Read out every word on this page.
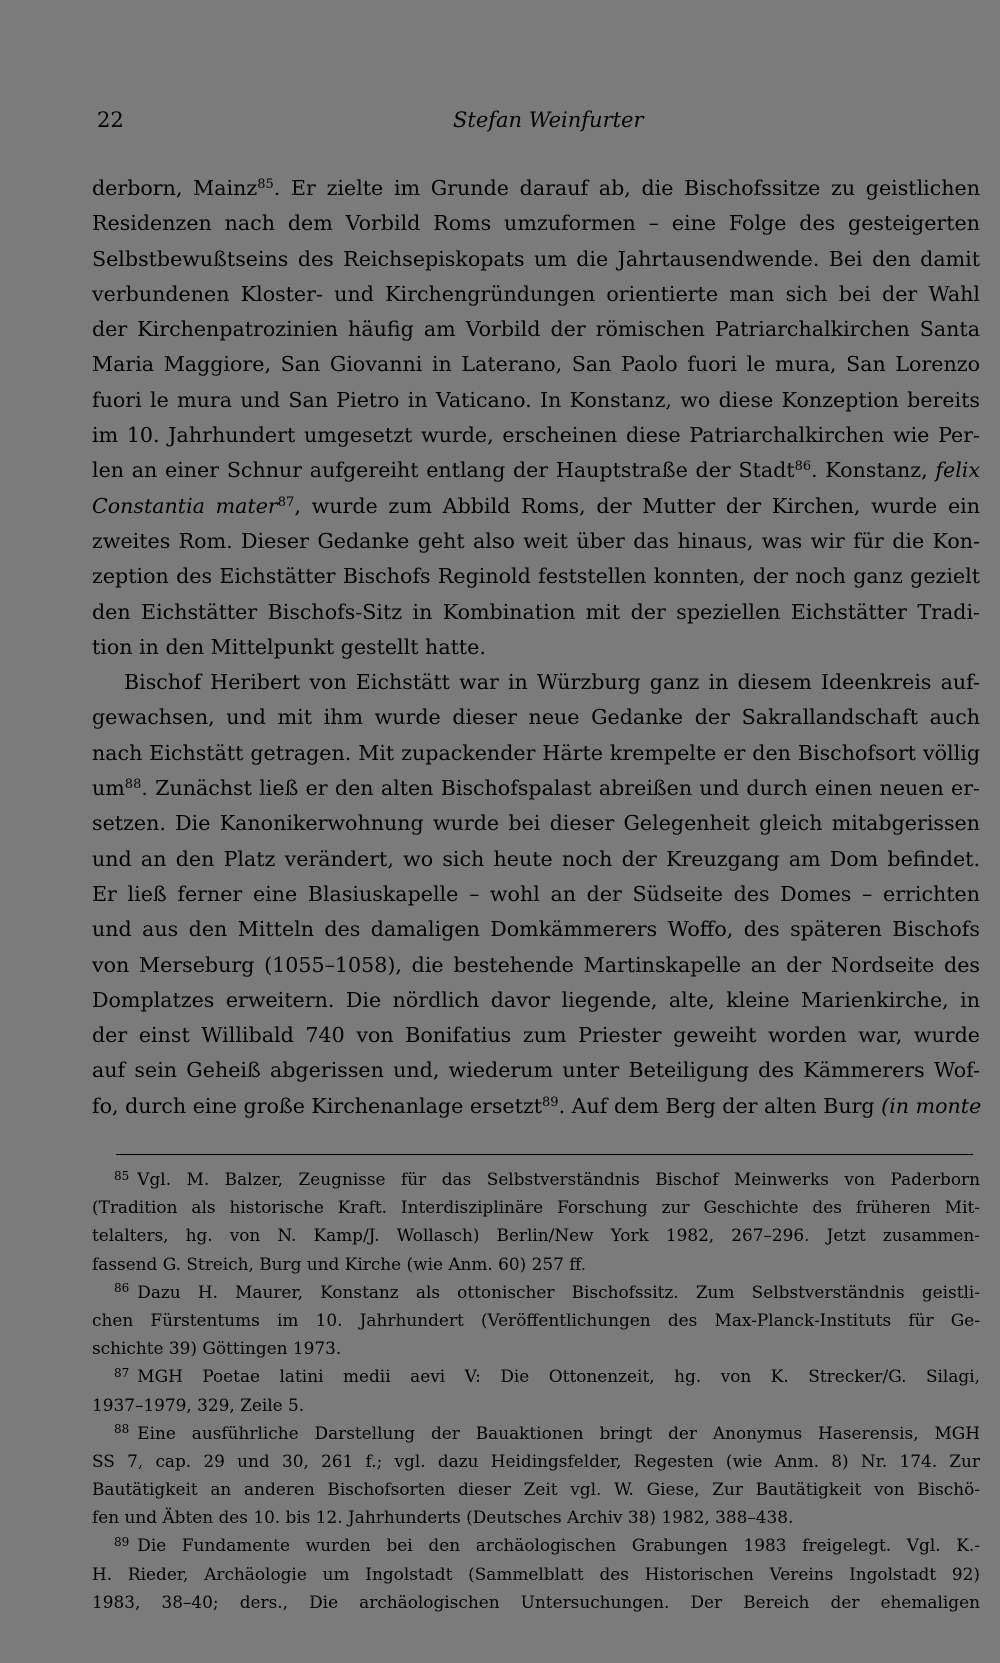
22	Stefan Weinfurter
derborn, Mainz$^{85}$. Er zielte im Grunde darauf ab, die Bischofssitze zu geistlichen
Residenzen nach dem Vorbild Roms umzuformen – eine Folge des gesteigerten
Selbstbewußtseins des Reichsepiskopats um die Jahrtausendwende. Bei den damit
verbundenen Kloster- und Kirchengründungen orientierte man sich bei der Wahl
der Kirchenpatrozinien häufig am Vorbild der römischen Patriarchalkirchen Santa
Maria Maggiore, San Giovanni in Laterano, San Paolo fuori le mura, San Lorenzo
fuori le mura und San Pietro in Vaticano. In Konstanz, wo diese Konzeption bereits
im 10. Jahrhundert umgesetzt wurde, erscheinen diese Patriarchalkirchen wie Per-
len an einer Schnur aufgereiht entlang der Hauptstraße der Stadt$^{86}$. Konstanz, felix
Constantia mater$^{87}$, wurde zum Abbild Roms, der Mutter der Kirchen, wurde ein
zweites Rom. Dieser Gedanke geht also weit über das hinaus, was wir für die Kon-
zeption des Eichstätter Bischofs Reginold feststellen konnten, der noch ganz gezielt
den Eichstätter Bischofs-Sitz in Kombination mit der speziellen Eichstätter Tradi-
tion in den Mittelpunkt gestellt hatte.
Bischof Heribert von Eichstätt war in Würzburg ganz in diesem Ideenkreis auf-
gewachsen, und mit ihm wurde dieser neue Gedanke der Sakrallandschaft auch
nach Eichstätt getragen. Mit zupackender Härte krempelte er den Bischofsort völlig
$um^{88}$. Zunächst ließ er den alten Bischofspalast abreißen und durch einen neuen er-
setzen. Die Kanonikerwohnung wurde bei dieser Gelegenheit gleich mitabgerissen
und an den Platz verändert, wo sich heute noch der Kreuzgang am Dom befindet.
Er ließ ferner eine Blasiuskapelle – wohl an der Südseite des Domes – errichten
und aus den Mitteln des damaligen Domkämmerers Woffo, des späteren Bischofs
von Merseburg (1055–1058), die bestehende Martinskapelle an der Nordseite des
Domplatzes erweitern. Die nördlich davor liegende, alte, kleine Marienkirche, in
der einst Willibald 740 von Bonifatius zum Priester geweiht worden war, wurde
auf sein Geheiß abgerissen und, wiederum unter Beteiligung des Kämmerers Wof-
fo, durch eine große Kirchenanlage ersetzt$^{89}$. Auf dem Berg der alten Burg (in monte
$^{85}$ Vgl. M. Balzer, Zeugnisse für das Selbstverständnis Bischof Meinwerks von Paderborn
(Tradition als historische Kraft. Interdisziplinäre Forschung zur Geschichte des früheren Mit-
telalters, hg. von N. Kamp/J. Wollasch) Berlin/New York 1982, 267–296. Jetzt zusammen-
fassend G. Streich, Burg und Kirche (wie Anm. 60) 257 ff.
$^{86}$ Dazu H. Maurer, Konstanz als ottonischer Bischofssitz. Zum Selbstverständnis geistli-
chen Fürstentums im 10. Jahrhundert (Veröffentlichungen des Max-Planck-Instituts für Ge-
schichte 39) Göttingen 1973.
$^{87}$ MGH Poetae latini medii aevi V: Die Ottonenzeit, hg. von K. Strecker/G. Silagi,
1937–1979, 329, Zeile 5.
$^{88}$ Eine ausführliche Darstellung der Bauaktionen bringt der Anonymus Haserensis, MGH
SS 7, cap. 29 und 30, 261 f.; vgl. dazu Heidingsfelder, Regesten (wie Anm. 8) Nr. 174. Zur
Bautätigkeit an anderen Bischofsorten dieser Zeit vgl. W. Giese, Zur Bautätigkeit von Bischö-
fen und Äbten des 10. bis 12. Jahrhunderts (Deutsches Archiv 38) 1982, 388–438.
$^{89}$ Die Fundamente wurden bei den archäologischen Grabungen 1983 freigelegt. Vgl. K.-
H. Rieder, Archäologie um Ingolstadt (Sammelblatt des Historischen Vereins Ingolstadt 92)
1983, 38–40; ders., Die archäologischen Untersuchungen. Der Bereich der ehemaligen
